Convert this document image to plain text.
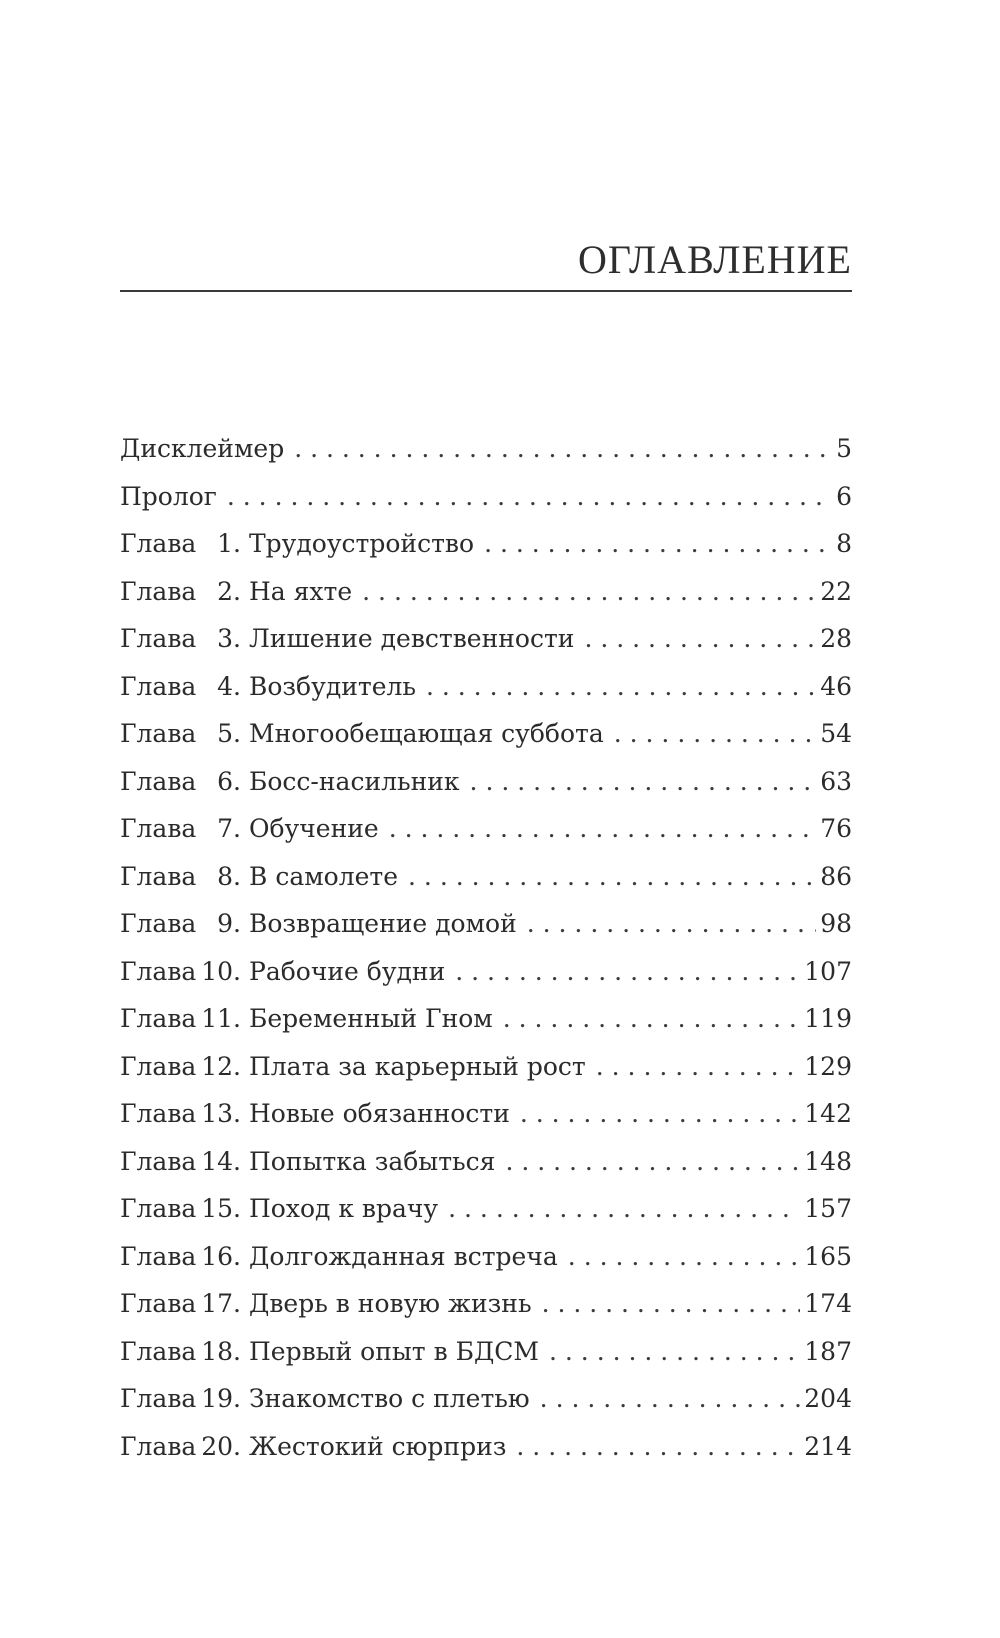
ОГЛАВЛЕНИЕ
Дисклеймер . . .	5
Пролог . . .	6
Глава 1. Трудоустройство . . .	8
Глава 2. На яхте . . .	22
Глава 3. Лишение девственности . . .	28
Глава 4. Возбудитель . . .	46
Глава 5. Многообещающая суббота . . .	54
Глава 6. Босс-насильник . . .	63
Глава 7. Обучение . . .	76
Глава 8. В самолете . . .	86
Глава 9. Возвращение домой . . .	98
Глава 10. Рабочие будни . . .	107
Глава 11. Беременный Гном . . .	119
Глава 12. Плата за карьерный рост . . .	129
Глава 13. Новые обязанности . . .	142
Глава 14. Попытка забыться . . .	148
Глава 15. Поход к врачу . . .	157
Глава 16. Долгожданная встреча . . .	165
Глава 17. Дверь в новую жизнь . . .	174
Глава 18. Первый опыт в БДСМ . . .	187
Глава 19. Знакомство с плетью . . .	204
Глава 20. Жестокий сюрприз . . .	214
